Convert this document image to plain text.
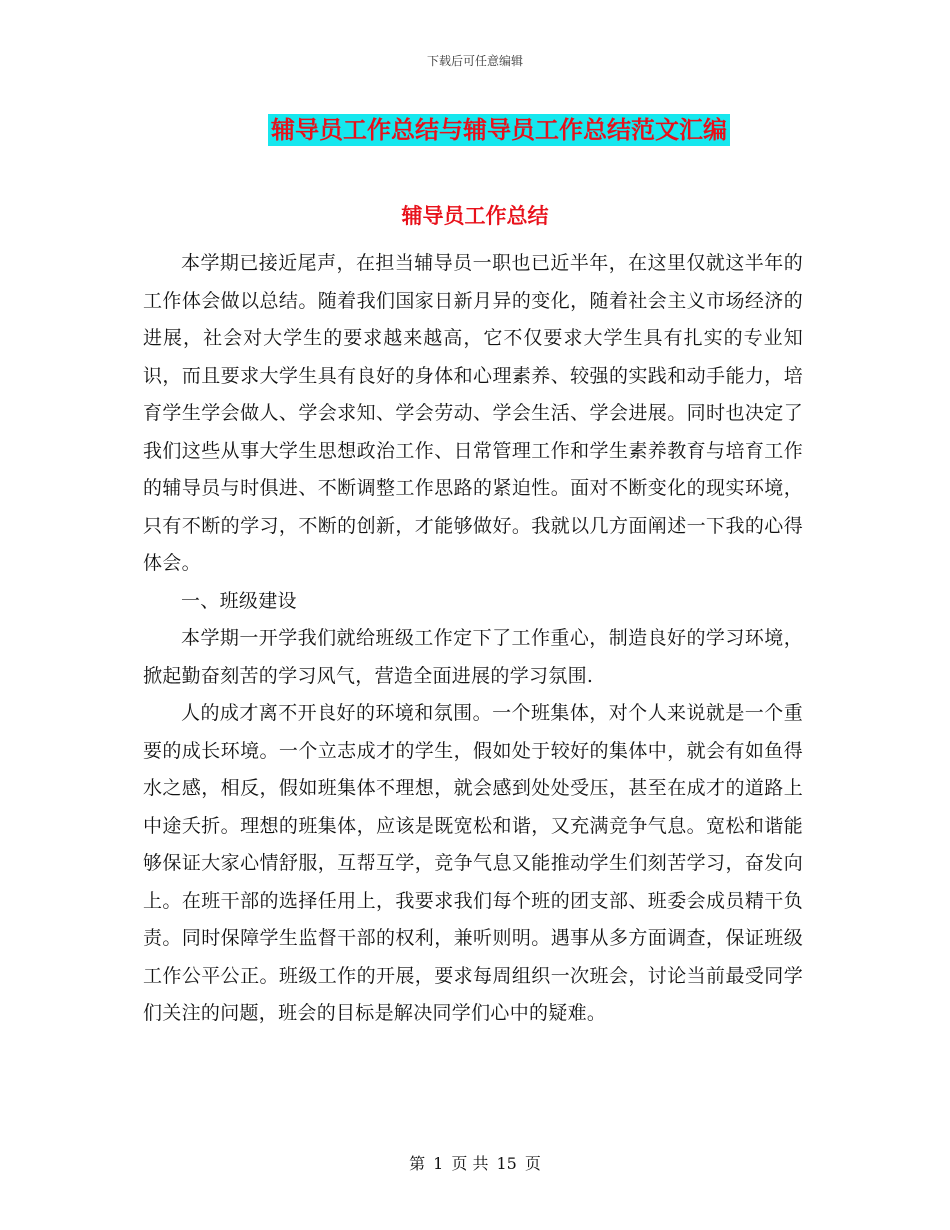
下载后可任意编辑
辅导员工作总结与辅导员工作总结范文汇编
辅导员工作总结

本学期已接近尾声，在担当辅导员一职也已近半年，在这里仅就这半年的工作体会做以总结。随着我们国家日新月异的变化，随着社会主义市场经济的进展，社会对大学生的要求越来越高，它不仅要求大学生具有扎实的专业知识，而且要求大学生具有良好的身体和心理素养、较强的实践和动手能力，培育学生学会做人、学会求知、学会劳动、学会生活、学会进展。同时也决定了我们这些从事大学生思想政治工作、日常管理工作和学生素养教育与培育工作的辅导员与时俱进、不断调整工作思路的紧迫性。面对不断变化的现实环境，只有不断的学习，不断的创新，才能够做好。我就以几方面阐述一下我的心得体会。

一、班级建设

本学期一开学我们就给班级工作定下了工作重心，制造良好的学习环境，掀起勤奋刻苦的学习风气，营造全面进展的学习氛围.

人的成才离不开良好的环境和氛围。一个班集体，对个人来说就是一个重要的成长环境。一个立志成才的学生，假如处于较好的集体中，就会有如鱼得水之感，相反，假如班集体不理想，就会感到处处受压，甚至在成才的道路上中途夭折。理想的班集体，应该是既宽松和谐，又充满竞争气息。宽松和谐能够保证大家心情舒服，互帮互学，竞争气息又能推动学生们刻苦学习，奋发向上。在班干部的选择任用上，我要求我们每个班的团支部、班委会成员精干负责。同时保障学生监督干部的权利，兼听则明。遇事从多方面调查，保证班级工作公平公正。班级工作的开展，要求每周组织一次班会，讨论当前最受同学们关注的问题，班会的目标是解决同学们心中的疑难。

第 1 页 共 15 页
